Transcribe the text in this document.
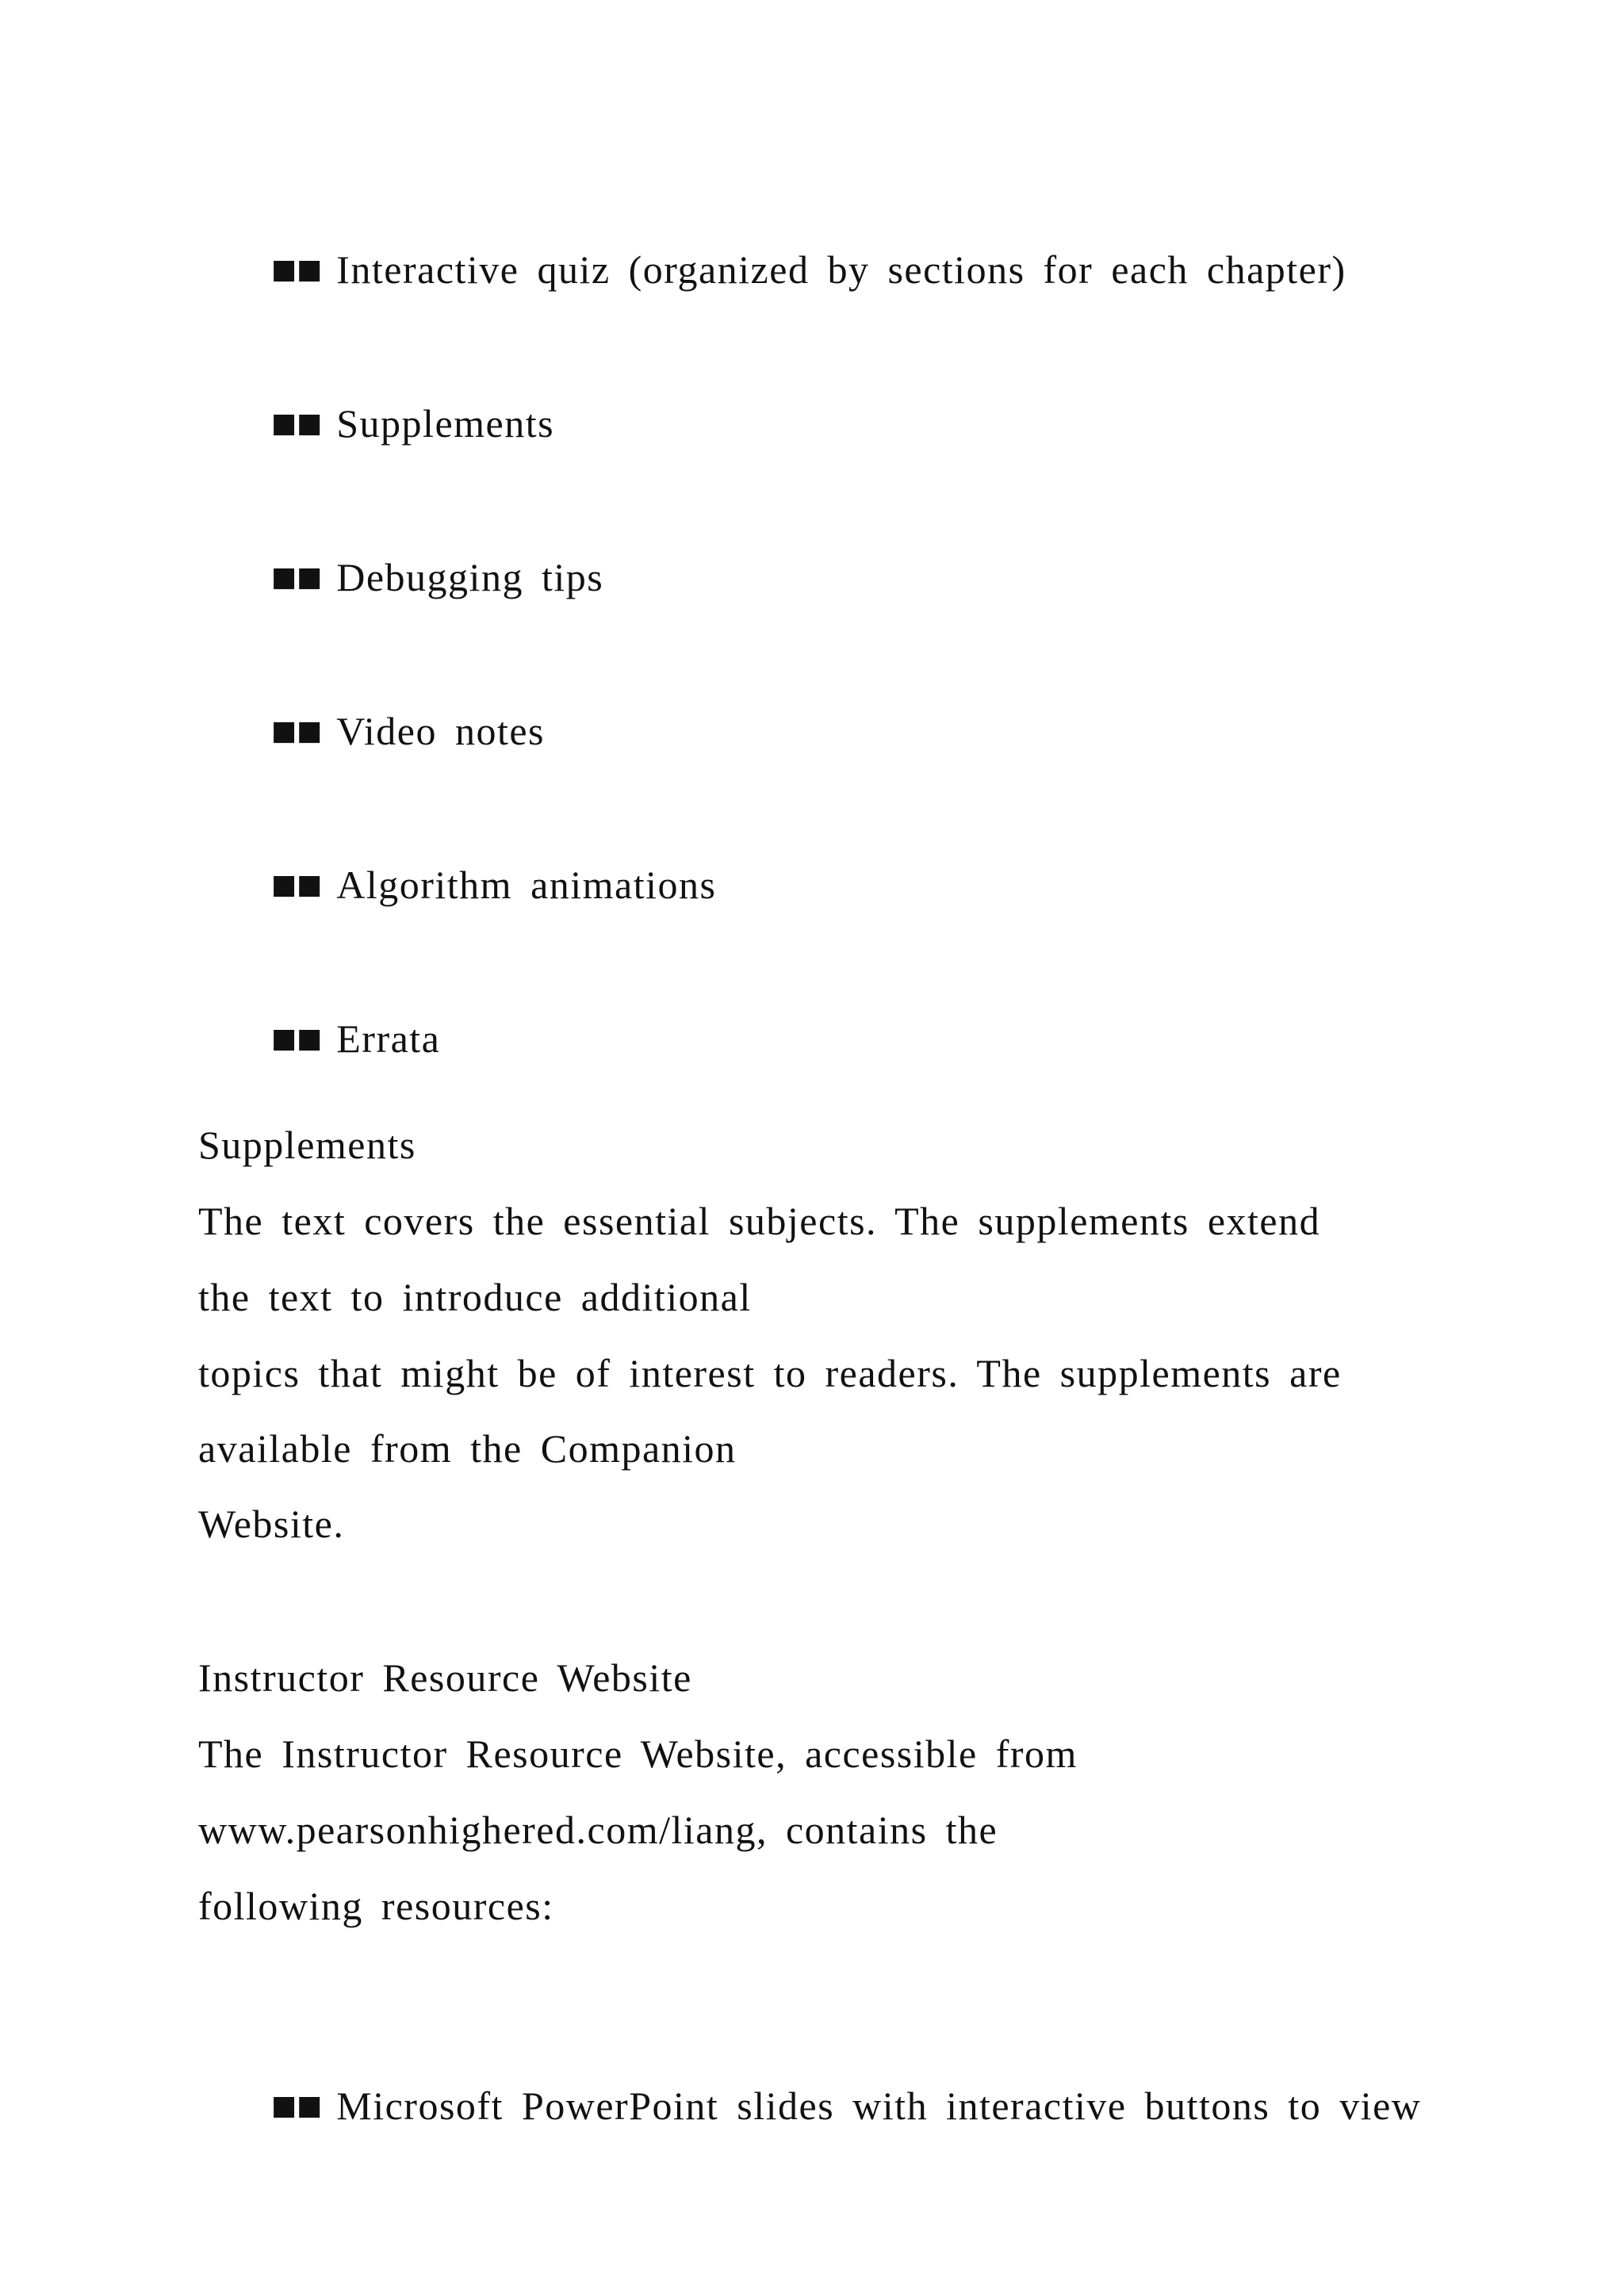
■■ Interactive quiz (organized by sections for each chapter)

■■ Supplements

■■ Debugging tips

■■ Video notes

■■ Algorithm animations

■■ Errata

Supplements
The text covers the essential subjects. The supplements extend
the text to introduce additional
topics that might be of interest to readers. The supplements are
available from the Companion
Website.
Instructor Resource Website
The Instructor Resource Website, accessible from
www.pearsonhighered.com/liang, contains the
following resources:

■■ Microsoft PowerPoint slides with interactive buttons to view
